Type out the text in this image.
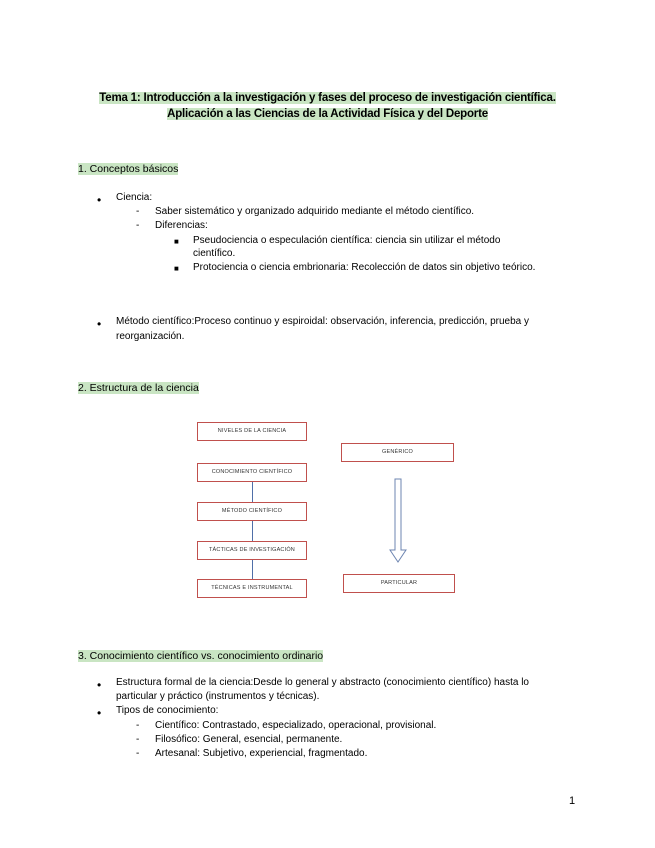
Tema 1: Introducción a la investigación y fases del proceso de investigación científica.
Aplicación a las Ciencias de la Actividad Física y del Deporte
1. Conceptos básicos
• Ciencia:
- Saber sistemático y organizado adquirido mediante el método científico.
- Diferencias:
■ Pseudociencia o especulación científica: ciencia sin utilizar el método
científico.
■ Protociencia o ciencia embrionaria: Recolección de datos sin objetivo teórico.
• Método científico:Proceso continuo y espiroidal: observación, inferencia, predicción, prueba y
reorganización.
2. Estructura de la ciencia
NIVELES DE LA CIENCIA
CONOCIMIENTO CIENTÍFICO
MÉTODO CIENTÍFICO
TÁCTICAS DE INVESTIGACIÓN
TÉCNICAS E INSTRUMENTAL
GENÉRICO
PARTICULAR
3. Conocimiento científico vs. conocimiento ordinario
• Estructura formal de la ciencia:Desde lo general y abstracto (conocimiento científico) hasta lo
particular y práctico (instrumentos y técnicas).
• Tipos de conocimiento:
- Científico: Contrastado, especializado, operacional, provisional.
- Filosófico: General, esencial, permanente.
- Artesanal: Subjetivo, experiencial, fragmentado.
1
